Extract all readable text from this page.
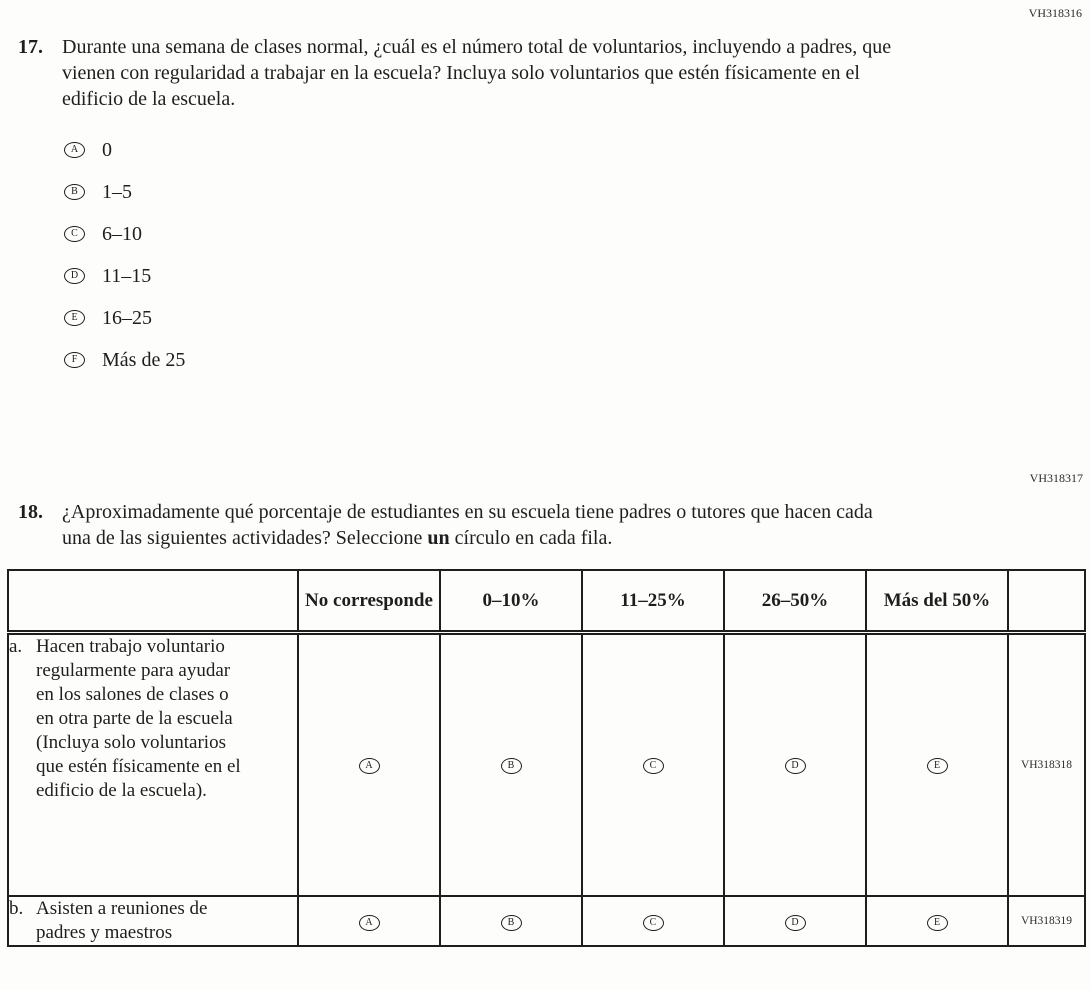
VH318316
17. Durante una semana de clases normal, ¿cuál es el número total de voluntarios, incluyendo a padres, que vienen con regularidad a trabajar en la escuela? Incluya solo voluntarios que estén físicamente en el edificio de la escuela.
A	0
B	1–5
C	6–10
D	11–15
E	16–25
F	Más de 25
VH318317
18. ¿Aproximadamente qué porcentaje de estudiantes en su escuela tiene padres o tutores que hacen cada una de las siguientes actividades? Seleccione un círculo en cada fila.
	No corresponde	0–10%	11–25%	26–50%	Más del 50%	

a. Hacen trabajo voluntario regularmente para ayudar en los salones de clases o en otra parte de la escuela (Incluya solo voluntarios que estén físicamente en el edificio de la escuela).	A	B	C	D	E	VH318318

b. Asisten a reuniones de padres y maestros	A	B	C	D	E	VH318319
